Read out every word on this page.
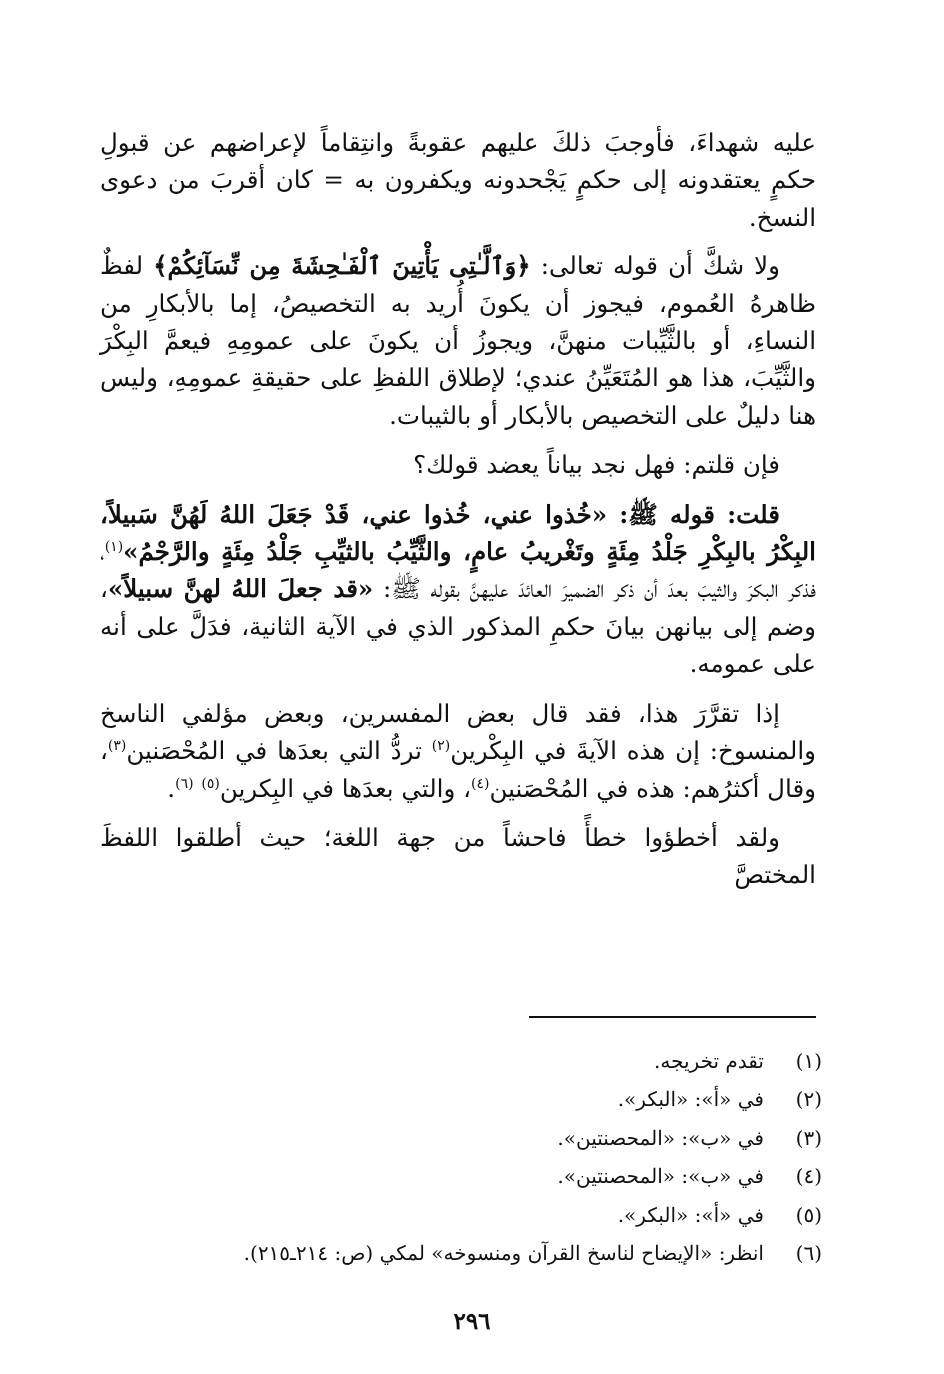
عليه شهداءَ، فأوجبَ ذلكَ عليهم عقوبةً وانتِقاماً لإعراضهم عن قبولِ حكمٍ يعتقدونه إلى حكمٍ يَجْحدونه ويكفرون به = كان أقربَ من دعوى النسخ.

ولا شكَّ أن قوله تعالى: ﴿وَٱلَّـٰتِى يَأْتِينَ ٱلْفَـٰحِشَةَ مِن نِّسَآئِكُمْ﴾ لفظٌ ظاهرهُ العُموم، فيجوز أن يكونَ أُريد به التخصيصُ، إما بالأبكارِ من النساءِ، أو بالثَّيِّبات منهنَّ، ويجوزُ أن يكونَ على عمومِهِ فيعمَّ البِكْرَ والثَّيِّبَ، هذا هو المُتَعَيِّنُ عندي؛ لإطلاق اللفظِ على حقيقةِ عمومِهِ، وليس هنا دليلٌ على التخصيص بالأبكار أو بالثيبات.

فإن قلتم: فهل نجد بياناً يعضد قولك؟

قلت: قوله ﷺ: «خُذوا عني، خُذوا عني، قَدْ جَعَلَ اللهُ لَهُنَّ سَبيلاً، البِكْرُ بالبِكْرِ جَلْدُ مِئَةٍ وتَغْريبُ عامٍ، والثَّيِّبُ بالثيِّبِ جَلْدُ مِئَةٍ والرَّجْمُ»$^{(١)}$، فذكر البكرَ والثيبَ بعدَ أن ذكر الضميرَ العائدَ عليهنَّ بقوله ﷺ: «قد جعلَ اللهُ لهنَّ سبيلاً»، وضم إلى بيانهن بيانَ حكمِ المذكور الذي في الآية الثانية، فدَلَّ على أنه على عمومه.

إذا تقرَّرَ هذا، فقد قال بعض المفسرين، وبعض مؤلفي الناسخ والمنسوخ: إن هذه الآيةَ في البِكْرين$^{(٢)}$ تردُّ التي بعدَها في المُحْصَنين$^{(٣)}$، وقال أكثرُهم: هذه في المُحْصَنين$^{(٤)}$، والتي بعدَها في البِكرين$^{(٥)}$ $^{(٦)}$.

ولقد أخطؤوا خطأً فاحشاً من جهة اللغة؛ حيث أطلقوا اللفظَ المختصَّ

(١)
تقدم تخريجه.
(٢)
في «أ»: «البكر».
(٣)
في «ب»: «المحصنتين».
(٤)
في «ب»: «المحصنتين».
(٥)
في «أ»: «البكر».
(٦)
انظر: «الإيضاح لناسخ القرآن ومنسوخه» لمكي (ص: ٢١٤ـ٢١٥).
٢٩٦
